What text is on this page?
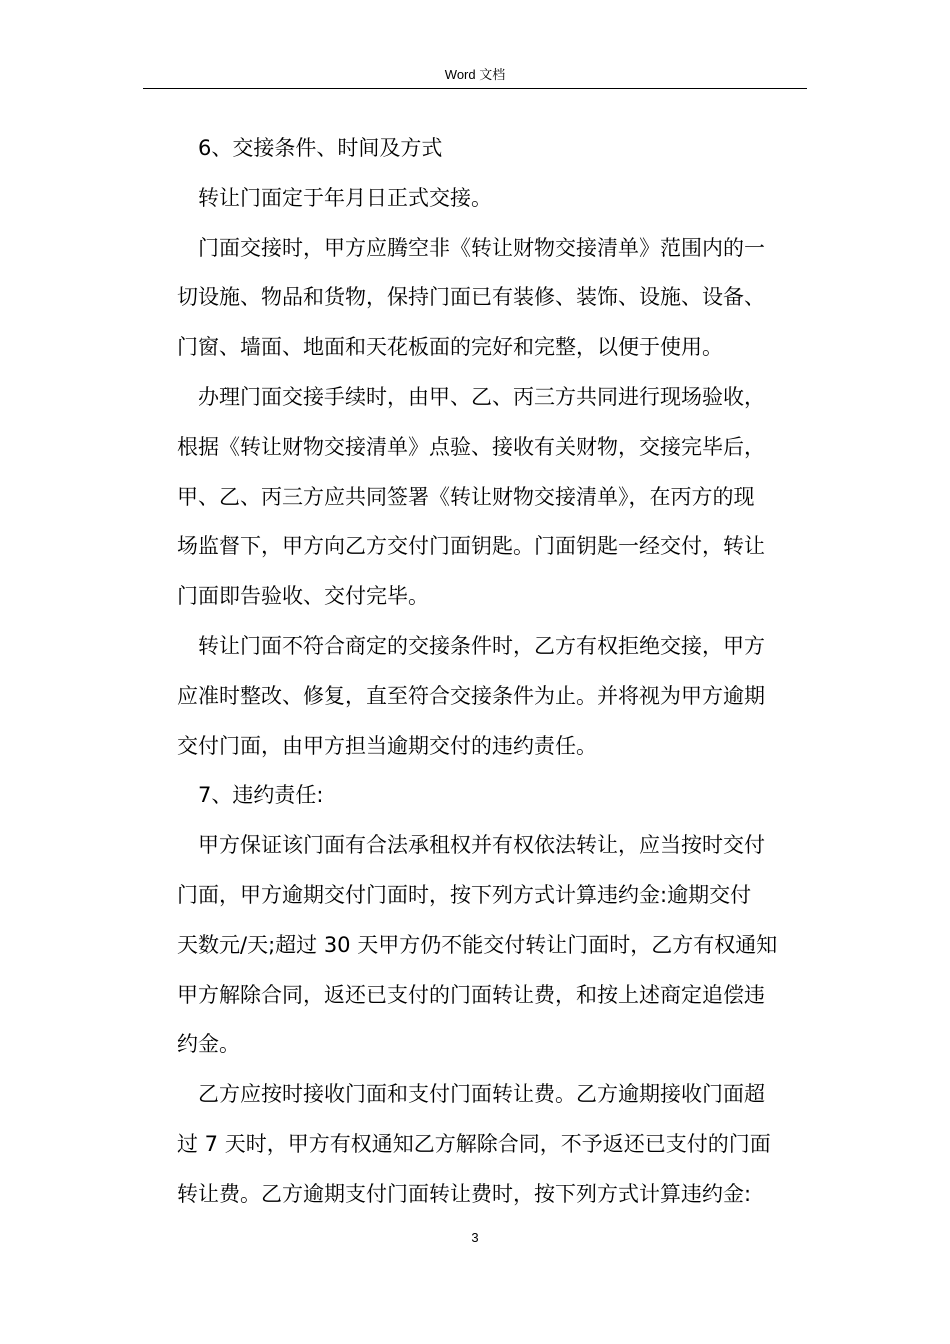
Word 文档
6、交接条件、时间及方式
转让门面定于年月日正式交接。
门面交接时，甲方应腾空非《转让财物交接清单》范围内的一
切设施、物品和货物，保持门面已有装修、装饰、设施、设备、
门窗、墙面、地面和天花板面的完好和完整，以便于使用。
办理门面交接手续时，由甲、乙、丙三方共同进行现场验收，
根据《转让财物交接清单》点验、接收有关财物，交接完毕后，
甲、乙、丙三方应共同签署《转让财物交接清单》，在丙方的现
场监督下，甲方向乙方交付门面钥匙。门面钥匙一经交付，转让
门面即告验收、交付完毕。
转让门面不符合商定的交接条件时，乙方有权拒绝交接，甲方
应准时整改、修复，直至符合交接条件为止。并将视为甲方逾期
交付门面，由甲方担当逾期交付的违约责任。
7、违约责任:
甲方保证该门面有合法承租权并有权依法转让，应当按时交付
门面，甲方逾期交付门面时，按下列方式计算违约金:逾期交付
天数元/天;超过 30 天甲方仍不能交付转让门面时，乙方有权通知
甲方解除合同，返还已支付的门面转让费，和按上述商定追偿违
约金。
乙方应按时接收门面和支付门面转让费。乙方逾期接收门面超
过 7 天时，甲方有权通知乙方解除合同，不予返还已支付的门面
转让费。乙方逾期支付门面转让费时，按下列方式计算违约金:
3
